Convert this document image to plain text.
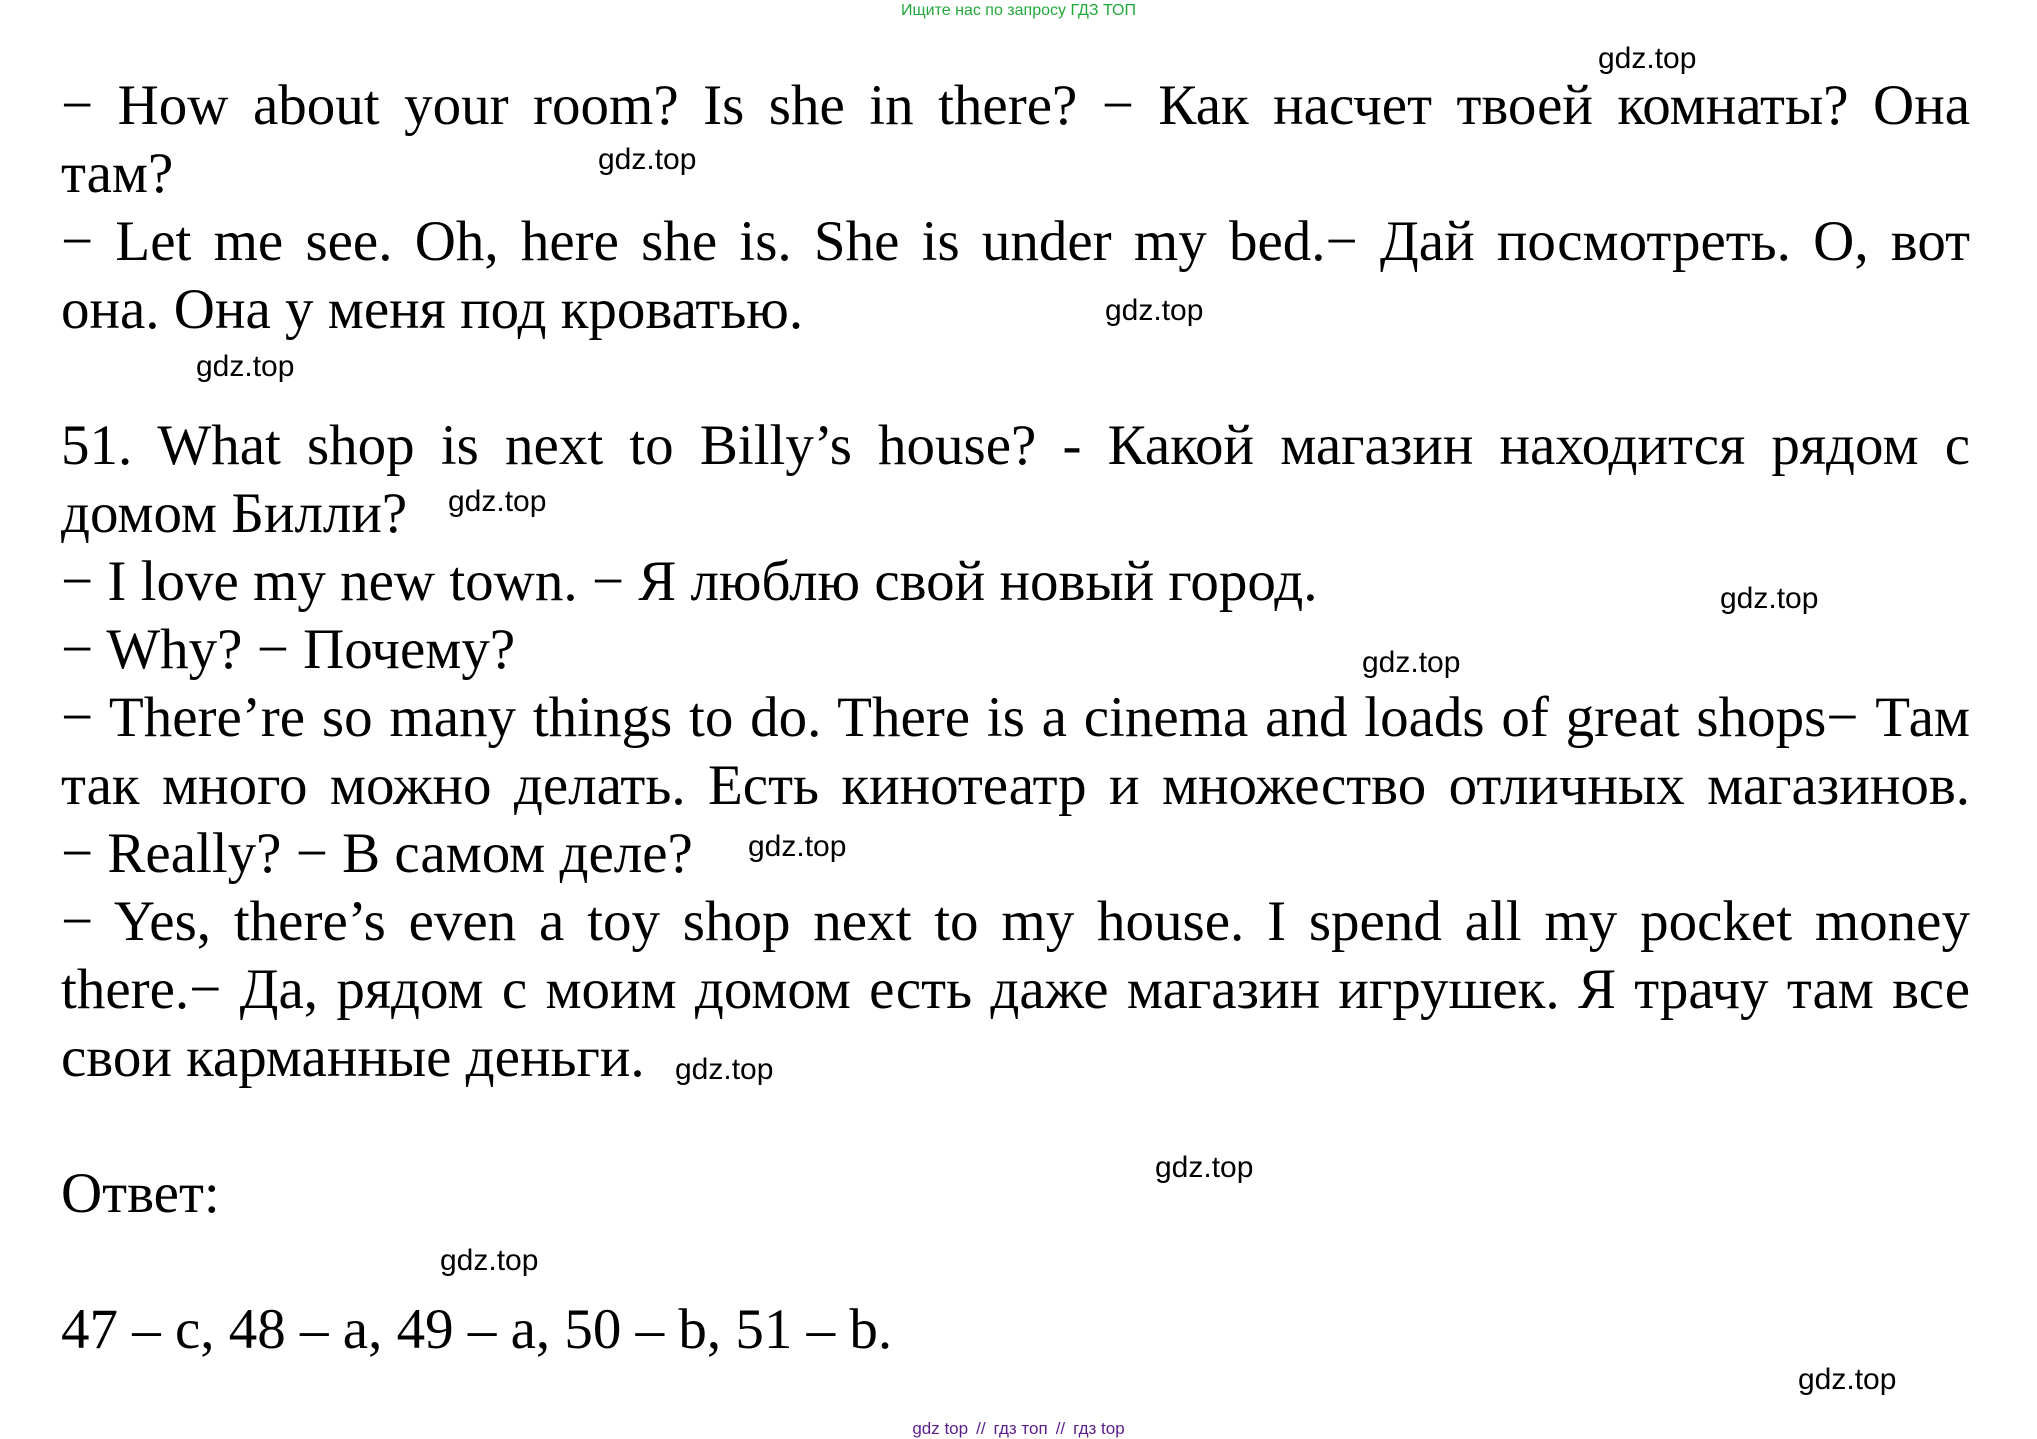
Ищите нас по запросу ГДЗ ТОП
− How about your room? Is she in there? − Как насчет твоей комнаты? Она
там?
− Let me see. Oh, here she is. She is under my bed.− Дай посмотреть. О, вот
она. Она у меня под кроватью.
51. What shop is next to Billy’s house? - Какой магазин находится рядом с
домом Билли?
− I love my new town. − Я люблю свой новый город.
− Why? − Почему?
− There’re so many things to do. There is a cinema and loads of great shops− Там
так много можно делать. Есть кинотеатр и множество отличных магазинов.
− Really? − В самом деле?
− Yes, there’s even a toy shop next to my house. I spend all my pocket money
there.− Да, рядом с моим домом есть даже магазин игрушек. Я трачу там все
свои карманные деньги.
Ответ:
47 – c, 48 – a, 49 – a, 50 – b, 51 – b.
gdz.top
gdz.top
gdz.top
gdz.top
gdz.top
gdz.top
gdz.top
gdz.top
gdz.top
gdz.top
gdz.top
gdz.top
gdz top // гдз топ // гдз top
